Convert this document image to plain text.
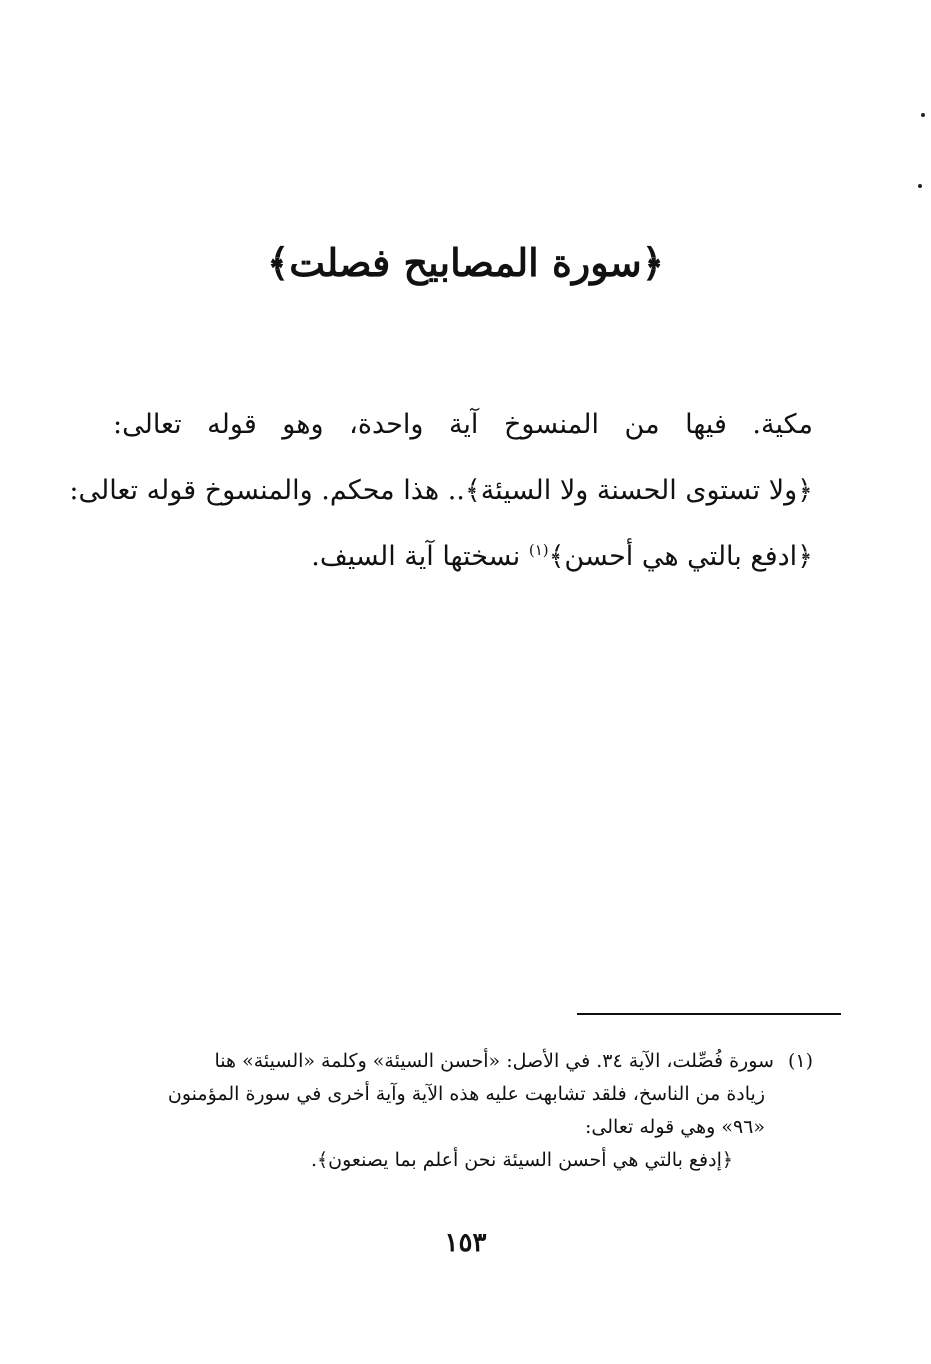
﴿سورة المصابيح فصلت﴾
مكية. فيها من المنسوخ آية واحدة، وهو قوله تعالى:
﴿ولا تستوى الحسنة ولا السيئة﴾.. هذا محكم. والمنسوخ قوله تعالى:
﴿ادفع بالتي هي أحسن﴾$^{(١)}$ نسختها آية السيف.
(١)سورة فُصِّلت، الآية ٣٤. في الأصل: «أحسن السيئة» وكلمة «السيئة» هنا
زيادة من الناسخ، فلقد تشابهت عليه هذه الآية وآية أخرى في سورة المؤمنون
«٩٦» وهي قوله تعالى:
﴿إدفع بالتي هي أحسن السيئة نحن أعلم بما يصنعون﴾.
١٥٣
